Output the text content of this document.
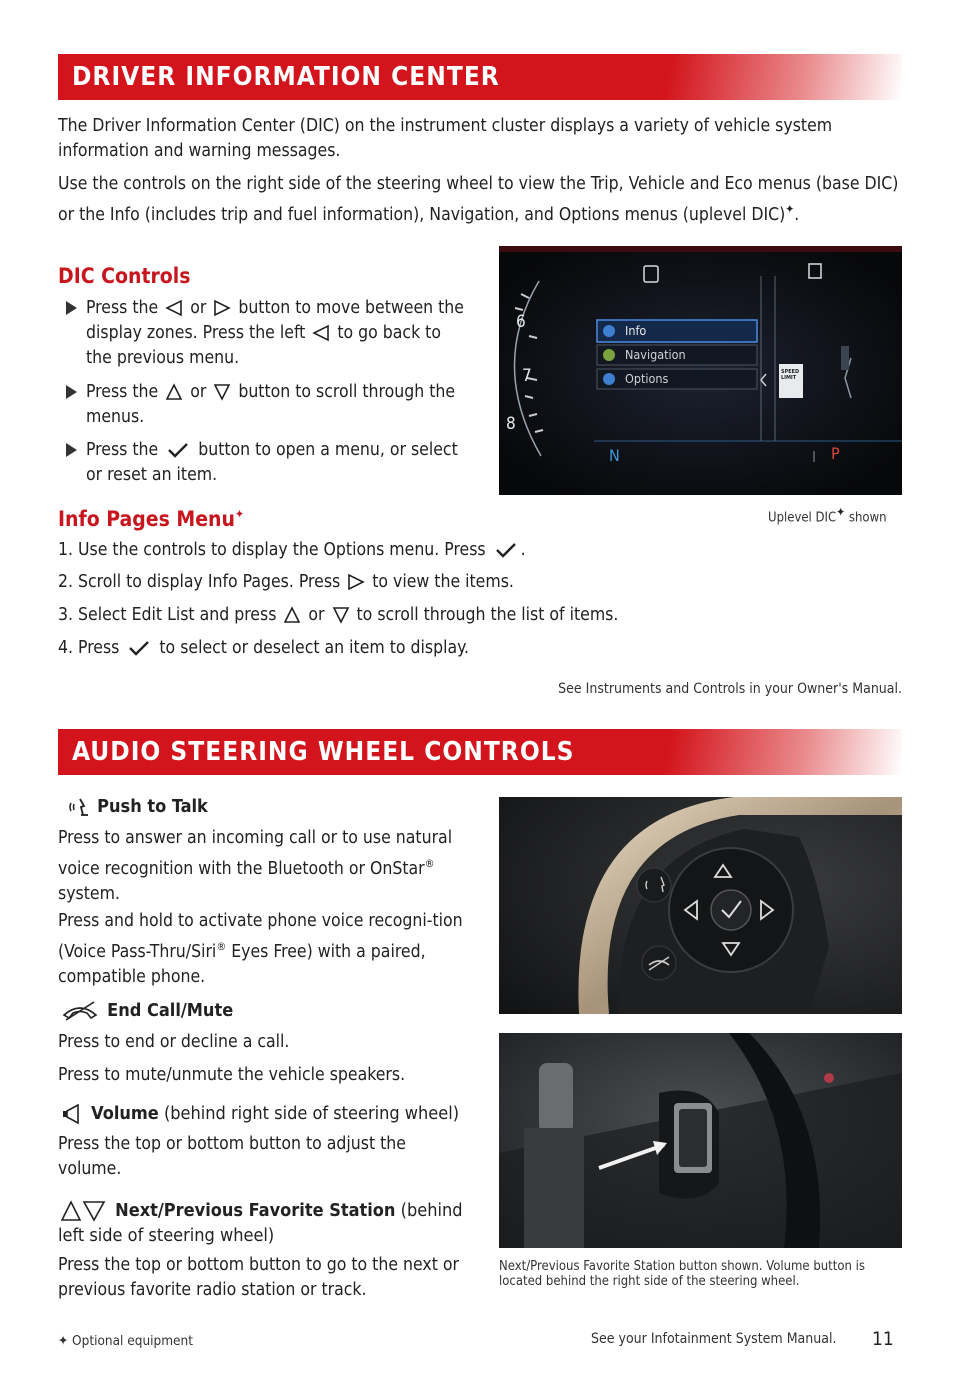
DRIVER INFORMATION CENTER

The Driver Information Center (DIC) on the instrument cluster displays a variety of vehicle system information and warning messages.

Use the controls on the right side of the steering wheel to view the Trip, Vehicle and Eco menus (base DIC) or the Info (includes trip and fuel information), Navigation, and Options menus (uplevel DIC)✦.

DIC Controls
Press the or button to move between the display zones. Press the left to go back to the previous menu.
Press the or button to scroll through the menus.
Press the button to open a menu, or select or reset an item.
6
7
8
Info
Navigation
Options	SPEED LIMIT
N	P
Uplevel DIC✦ shown
Info Pages Menu✦
1. Use the controls to display the Options menu. Press .
2. Scroll to display Info Pages. Press to view the items.
3. Select Edit List and press or to scroll through the list of items.
4. Press to select or deselect an item to display.
See Instruments and Controls in your Owner's Manual.
AUDIO STEERING WHEEL CONTROLS
Push to Talk

Press to answer an incoming call or to use natural voice recognition with the Bluetooth or OnStar® system.

Press and hold to activate phone voice recogni-tion (Voice Pass-Thru/Siri® Eyes Free) with a paired, compatible phone.

End Call/Mute

Press to end or decline a call.

Press to mute/unmute the vehicle speakers.

Volume (behind right side of steering wheel)

Press the top or bottom button to adjust the volume.

Next/Previous Favorite Station (behind left side of steering wheel)

Press the top or bottom button to go to the next or previous favorite radio station or track.

Next/Previous Favorite Station button shown. Volume button is located behind the right side of the steering wheel.
✦ Optional equipment	See your Infotainment System Manual. 11
